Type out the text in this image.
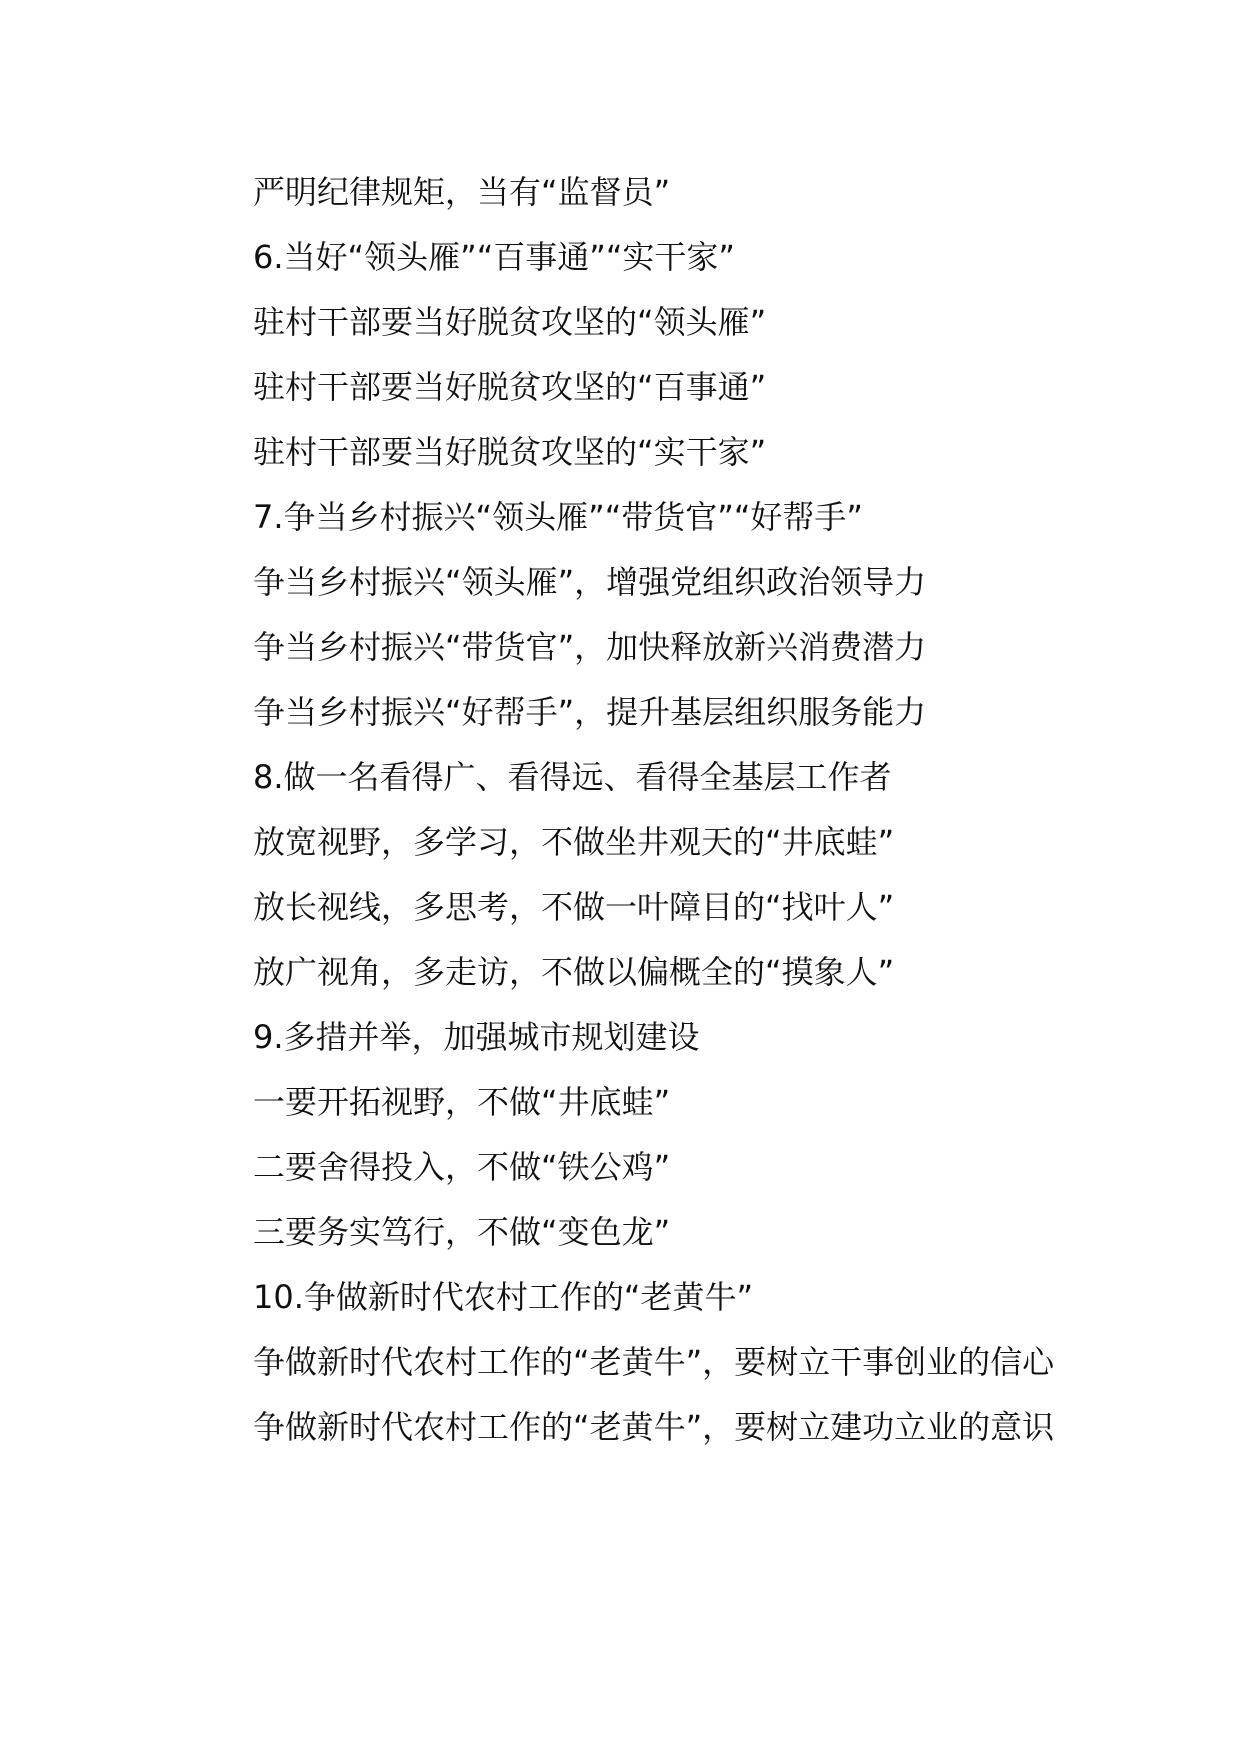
严明纪律规矩，当有“监督员”

6.当好“领头雁”“百事通”“实干家”

驻村干部要当好脱贫攻坚的“领头雁”

驻村干部要当好脱贫攻坚的“百事通”

驻村干部要当好脱贫攻坚的“实干家”

7.争当乡村振兴“领头雁”“带货官”“好帮手”

争当乡村振兴“领头雁”，增强党组织政治领导力

争当乡村振兴“带货官”，加快释放新兴消费潜力

争当乡村振兴“好帮手”，提升基层组织服务能力

8.做一名看得广、看得远、看得全基层工作者

放宽视野，多学习，不做坐井观天的“井底蛙”

放长视线，多思考，不做一叶障目的“找叶人”

放广视角，多走访，不做以偏概全的“摸象人”

9.多措并举，加强城市规划建设

一要开拓视野，不做“井底蛙”

二要舍得投入，不做“铁公鸡”

三要务实笃行，不做“变色龙”

10.争做新时代农村工作的“老黄牛”

争做新时代农村工作的“老黄牛”，要树立干事创业的信心

争做新时代农村工作的“老黄牛”，要树立建功立业的意识
